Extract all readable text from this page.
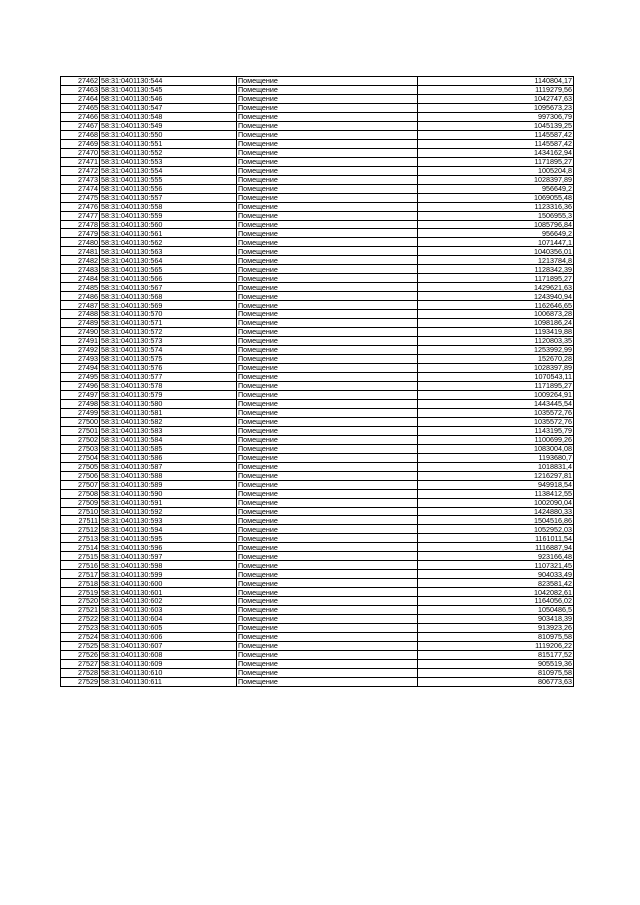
27462	58:31:0401130:544	Помещение	1140804,17
27463	58:31:0401130:545	Помещение	1119279,56
27464	58:31:0401130:546	Помещение	1042747,63
27465	58:31:0401130:547	Помещение	1095673,23
27466	58:31:0401130:548	Помещение	997306,79
27467	58:31:0401130:549	Помещение	1045139,25
27468	58:31:0401130:550	Помещение	1145587,42
27469	58:31:0401130:551	Помещение	1145587,42
27470	58:31:0401130:552	Помещение	1434162,94
27471	58:31:0401130:553	Помещение	1171895,27
27472	58:31:0401130:554	Помещение	1005204,8
27473	58:31:0401130:555	Помещение	1028397,89
27474	58:31:0401130:556	Помещение	956649,2
27475	58:31:0401130:557	Помещение	1069055,48
27476	58:31:0401130:558	Помещение	1123316,36
27477	58:31:0401130:559	Помещение	1506955,3
27478	58:31:0401130:560	Помещение	1085796,84
27479	58:31:0401130:561	Помещение	956649,2
27480	58:31:0401130:562	Помещение	1071447,1
27481	58:31:0401130:563	Помещение	1040356,01
27482	58:31:0401130:564	Помещение	1213784,8
27483	58:31:0401130:565	Помещение	1128342,39
27484	58:31:0401130:566	Помещение	1171895,27
27485	58:31:0401130:567	Помещение	1429621,63
27486	58:31:0401130:568	Помещение	1243940,94
27487	58:31:0401130:569	Помещение	1162646,65
27488	58:31:0401130:570	Помещение	1006873,28
27489	58:31:0401130:571	Помещение	1098186,24
27490	58:31:0401130:572	Помещение	1193419,88
27491	58:31:0401130:573	Помещение	1120803,35
27492	58:31:0401130:574	Помещение	1253992,99
27493	58:31:0401130:575	Помещение	152670,28
27494	58:31:0401130:576	Помещение	1028397,89
27495	58:31:0401130:577	Помещение	1070543,11
27496	58:31:0401130:578	Помещение	1171895,27
27497	58:31:0401130:579	Помещение	1009264,91
27498	58:31:0401130:580	Помещение	1443445,54
27499	58:31:0401130:581	Помещение	1035572,76
27500	58:31:0401130:582	Помещение	1035572,76
27501	58:31:0401130:583	Помещение	1143195,79
27502	58:31:0401130:584	Помещение	1100699,26
27503	58:31:0401130:585	Помещение	1083004,08
27504	58:31:0401130:586	Помещение	1193680,7
27505	58:31:0401130:587	Помещение	1018831,4
27506	58:31:0401130:588	Помещение	1216297,81
27507	58:31:0401130:589	Помещение	949918,54
27508	58:31:0401130:590	Помещение	1138412,55
27509	58:31:0401130:591	Помещение	1002090,04
27510	58:31:0401130:592	Помещение	1424880,33
27511	58:31:0401130:593	Помещение	1504516,86
27512	58:31:0401130:594	Помещение	1052952,03
27513	58:31:0401130:595	Помещение	1161011,54
27514	58:31:0401130:596	Помещение	1116887,94
27515	58:31:0401130:597	Помещение	923166,48
27516	58:31:0401130:598	Помещение	1107321,45
27517	58:31:0401130:599	Помещение	904033,49
27518	58:31:0401130:600	Помещение	823581,42
27519	58:31:0401130:601	Помещение	1042082,61
27520	58:31:0401130:602	Помещение	1164056,02
27521	58:31:0401130:603	Помещение	1050486,5
27522	58:31:0401130:604	Помещение	903418,39
27523	58:31:0401130:605	Помещение	913923,26
27524	58:31:0401130:606	Помещение	810975,58
27525	58:31:0401130:607	Помещение	1119206,22
27526	58:31:0401130:608	Помещение	815177,52
27527	58:31:0401130:609	Помещение	905519,36
27528	58:31:0401130:610	Помещение	810975,58
27529	58:31:0401130:611	Помещение	806773,63
